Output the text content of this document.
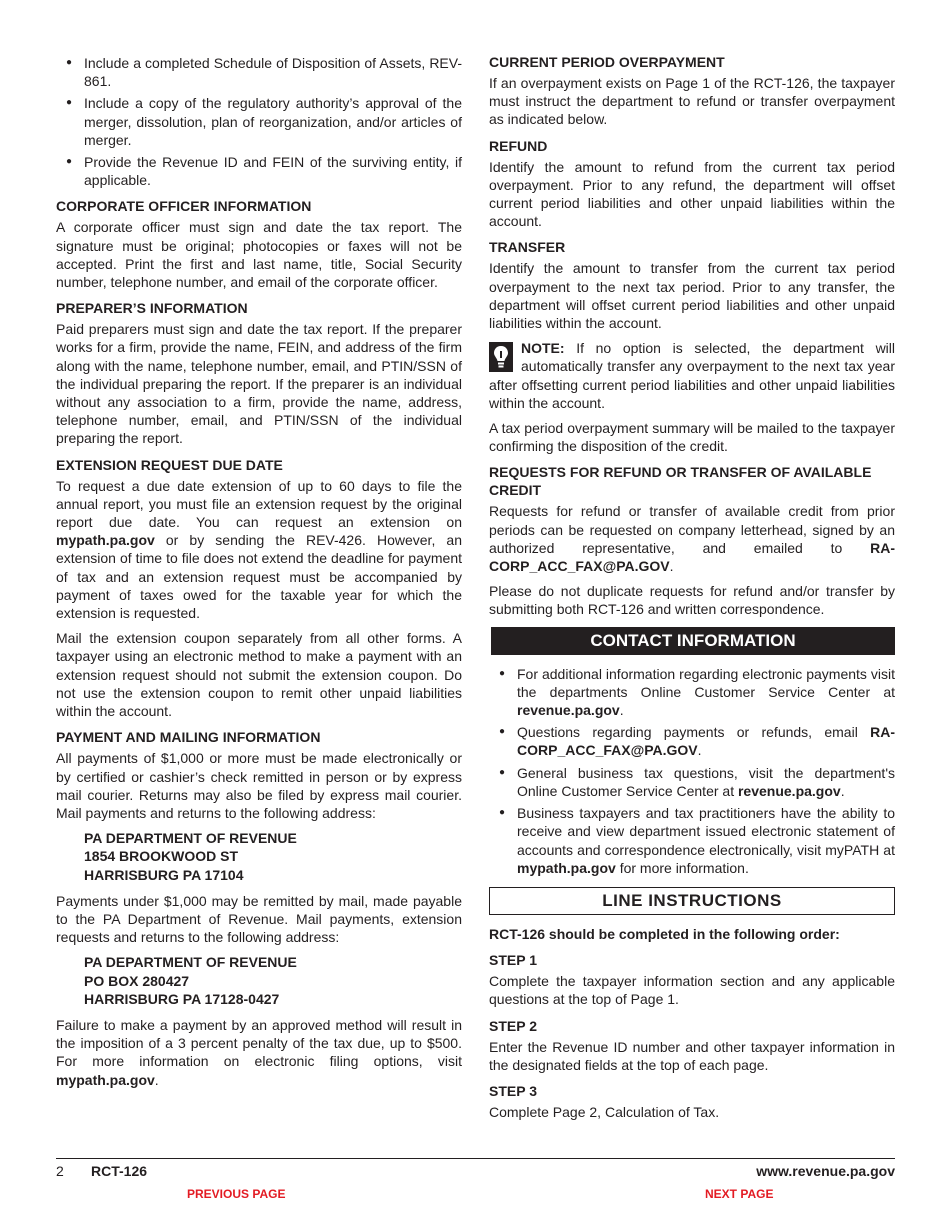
● Include a completed Schedule of Disposition of Assets, REV-861.
● Include a copy of the regulatory authority’s approval of the merger, dissolution, plan of reorganization, and/or articles of merger.
● Provide the Revenue ID and FEIN of the surviving entity, if applicable.
CORPORATE OFFICER INFORMATION

A corporate officer must sign and date the tax report. The signature must be original; photocopies or faxes will not be accepted. Print the first and last name, title, Social Security number, telephone number, and email of the corporate officer.

PREPARER’S INFORMATION

Paid preparers must sign and date the tax report. If the preparer works for a firm, provide the name, FEIN, and address of the firm along with the name, telephone number, email, and PTIN/SSN of the individual preparing the report. If the preparer is an individual without any association to a firm, provide the name, address, telephone number, email, and PTIN/SSN of the individual preparing the report.

EXTENSION REQUEST DUE DATE

To request a due date extension of up to 60 days to file the annual report, you must file an extension request by the original report due date. You can request an extension on mypath.pa.gov or by sending the REV-426. However, an extension of time to file does not extend the deadline for payment of tax and an extension request must be accompanied by payment of taxes owed for the taxable year for which the extension is requested.

Mail the extension coupon separately from all other forms. A taxpayer using an electronic method to make a payment with an extension request should not submit the extension coupon. Do not use the extension coupon to remit other unpaid liabilities within the account.

PAYMENT AND MAILING INFORMATION

All payments of $1,000 or more must be made electronically or by certified or cashier’s check remitted in person or by express mail courier. Returns may also be filed by express mail courier. Mail payments and returns to the following address:

PA DEPARTMENT OF REVENUE
1854 BROOKWOOD ST
HARRISBURG PA 17104

Payments under $1,000 may be remitted by mail, made payable to the PA Department of Revenue. Mail payments, extension requests and returns to the following address:

PA DEPARTMENT OF REVENUE
PO BOX 280427
HARRISBURG PA 17128-0427

Failure to make a payment by an approved method will result in the imposition of a 3 percent penalty of the tax due, up to $500. For more information on electronic filing options, visit mypath.pa.gov.

CURRENT PERIOD OVERPAYMENT

If an overpayment exists on Page 1 of the RCT-126, the taxpayer must instruct the department to refund or transfer overpayment as indicated below.

REFUND

Identify the amount to refund from the current tax period overpayment. Prior to any refund, the department will offset current period liabilities and other unpaid liabilities within the account.

TRANSFER

Identify the amount to transfer from the current tax period overpayment to the next tax period. Prior to any transfer, the department will offset current period liabilities and other unpaid liabilities within the account.

NOTE: If no option is selected, the department will automatically transfer any overpayment to the next tax year after offsetting current period liabilities and other unpaid liabilities within the account.

A tax period overpayment summary will be mailed to the taxpayer confirming the disposition of the credit.

REQUESTS FOR REFUND OR TRANSFER OF AVAILABLE CREDIT

Requests for refund or transfer of available credit from prior periods can be requested on company letterhead, signed by an authorized representative, and emailed to RA-CORP_ACC_FAX@PA.GOV.

Please do not duplicate requests for refund and/or transfer by submitting both RCT-126 and written correspondence.

CONTACT INFORMATION
● For additional information regarding electronic payments visit the departments Online Customer Service Center at revenue.pa.gov.
● Questions regarding payments or refunds, email RA-CORP_ACC_FAX@PA.GOV.
● General business tax questions, visit the department's Online Customer Service Center at revenue.pa.gov.
● Business taxpayers and tax practitioners have the ability to receive and view department issued electronic statement of accounts and correspondence electronically, visit myPATH at mypath.pa.gov for more information.
LINE INSTRUCTIONS

RCT-126 should be completed in the following order:

STEP 1

Complete the taxpayer information section and any applicable questions at the top of Page 1.

STEP 2

Enter the Revenue ID number and other taxpayer information in the designated fields at the top of each page.

STEP 3

Complete Page 2, Calculation of Tax.

2 RCT-126	www.revenue.pa.gov
PREVIOUS PAGE	NEXT PAGE
